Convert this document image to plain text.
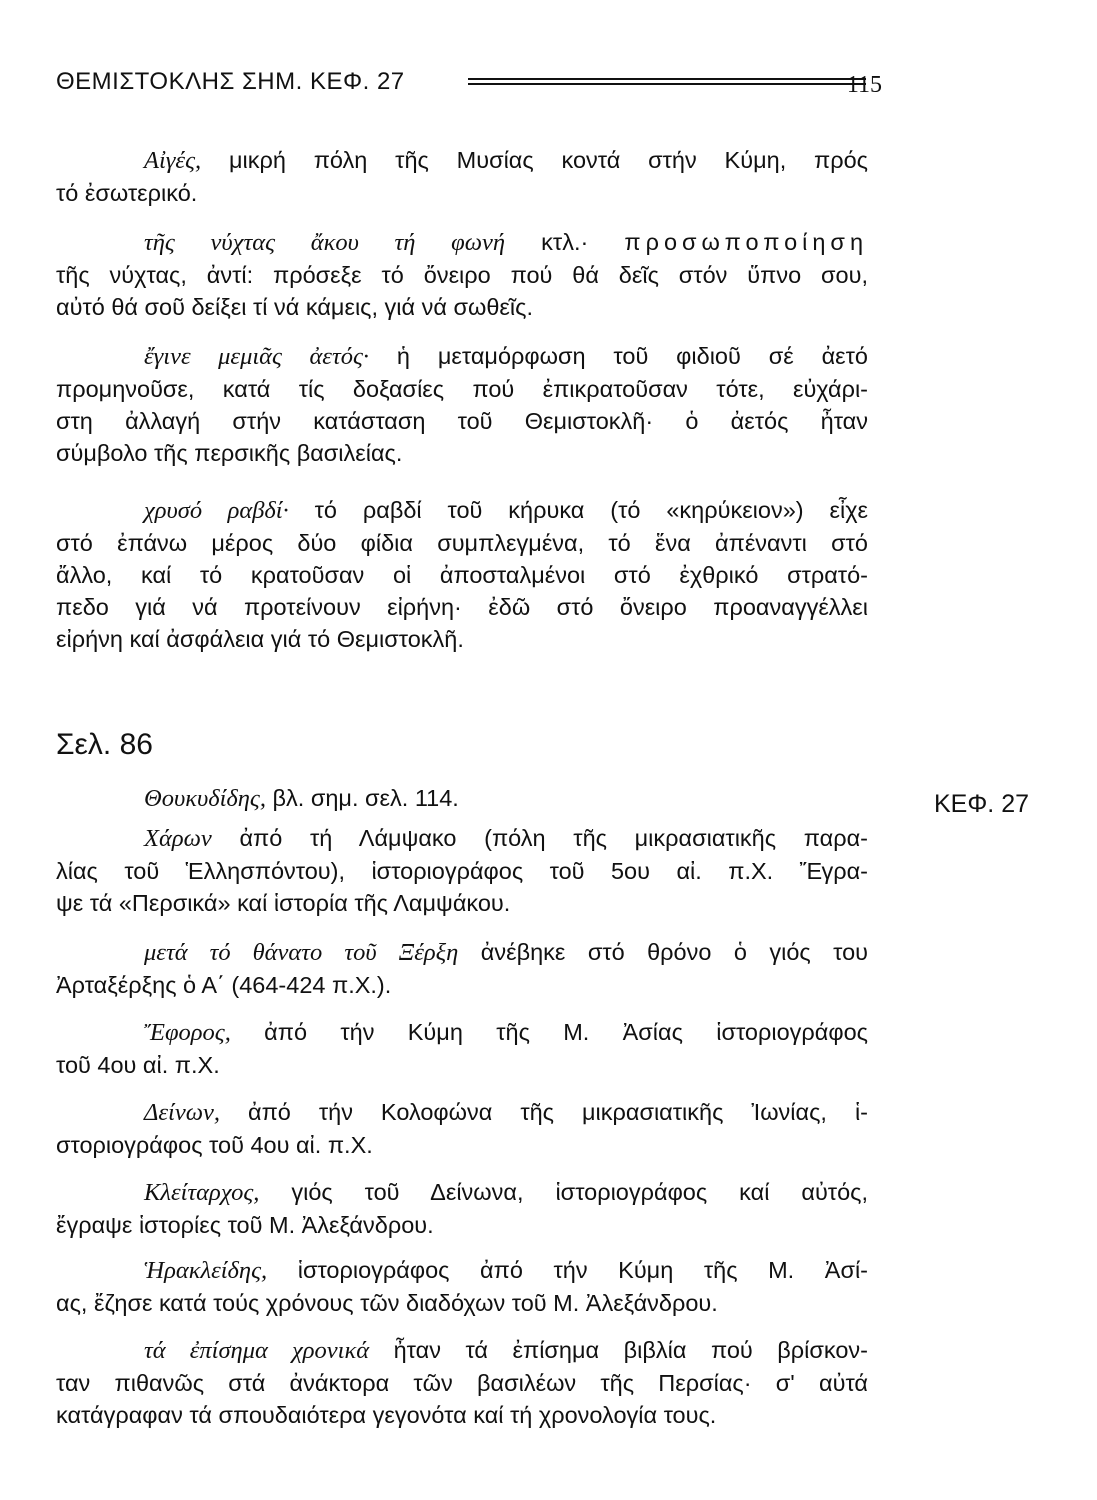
ΘΕΜΙΣΤΟΚΛΗΣ ΣΗΜ. ΚΕΦ. 27	115

Αἰγές, μικρή πόλη τῆς Μυσίας κοντά στήν Κύμη, πρός
τό ἐσωτερικό.

τῆς νύχτας ἄκου τή φωνή κτλ.· προσωποποίηση
τῆς νύχτας, ἀντί: πρόσεξε τό ὄνειρο πού θά δεῖς στόν ὕπνο σου,
αὐτό θά σοῦ δείξει τί νά κάμεις, γιά νά σωθεῖς.

ἔγινε μεμιᾶς ἀετός· ἡ μεταμόρφωση τοῦ φιδιοῦ σέ ἀετό
προμηνοῦσε, κατά τίς δοξασίες πού ἐπικρατοῦσαν τότε, εὐχάρι-
στη ἀλλαγή στήν κατάσταση τοῦ Θεμιστοκλῆ· ὁ ἀετός ἦταν
σύμβολο τῆς περσικῆς βασιλείας.

χρυσό ραβδί· τό ραβδί τοῦ κήρυκα (τό «κηρύκειον») εἶχε
στό ἐπάνω μέρος δύο φίδια συμπλεγμένα, τό ἕνα ἀπέναντι στό
ἄλλο, καί τό κρατοῦσαν οἱ ἀποσταλμένοι στό ἐχθρικό στρατό-
πεδο γιά νά προτείνουν εἰρήνη· ἐδῶ στό ὄνειρο προαναγγέλλει
εἰρήνη καί ἀσφάλεια γιά τό Θεμιστοκλῆ.

Σελ. 86
ΚΕΦ. 27

Θουκυδίδης, βλ. σημ. σελ. 114.

Χάρων ἀπό τή Λάμψακο (πόλη τῆς μικρασιατικῆς παρα-
λίας τοῦ Ἑλλησπόντου), ἱστοριογράφος τοῦ 5ου αἰ. π.Χ. Ἔγρα-
ψε τά «Περσικά» καί ἱστορία τῆς Λαμψάκου.

μετά τό θάνατο τοῦ Ξέρξη ἀνέβηκε στό θρόνο ὁ γιός του
Ἀρταξέρξης ὁ Α΄ (464-424 π.Χ.).

Ἔφορος, ἀπό τήν Κύμη τῆς Μ. Ἀσίας ἱστοριογράφος
τοῦ 4ου αἰ. π.Χ.

Δείνων, ἀπό τήν Κολοφώνα τῆς μικρασιατικῆς Ἰωνίας, ἱ-
στοριογράφος τοῦ 4ου αἰ. π.Χ.

Κλείταρχος, γιός τοῦ Δείνωνα, ἱστοριογράφος καί αὐτός,
ἔγραψε ἱστορίες τοῦ Μ. Ἀλεξάνδρου.

Ἡρακλείδης, ἱστοριογράφος ἀπό τήν Κύμη τῆς Μ. Ἀσί-
ας, ἔζησε κατά τούς χρόνους τῶν διαδόχων τοῦ Μ. Ἀλεξάνδρου.

τά ἐπίσημα χρονικά ἦταν τά ἐπίσημα βιβλία πού βρίσκον-
ταν πιθανῶς στά ἀνάκτορα τῶν βασιλέων τῆς Περσίας· σ' αὐτά
κατάγραφαν τά σπουδαιότερα γεγονότα καί τή χρονολογία τους.
